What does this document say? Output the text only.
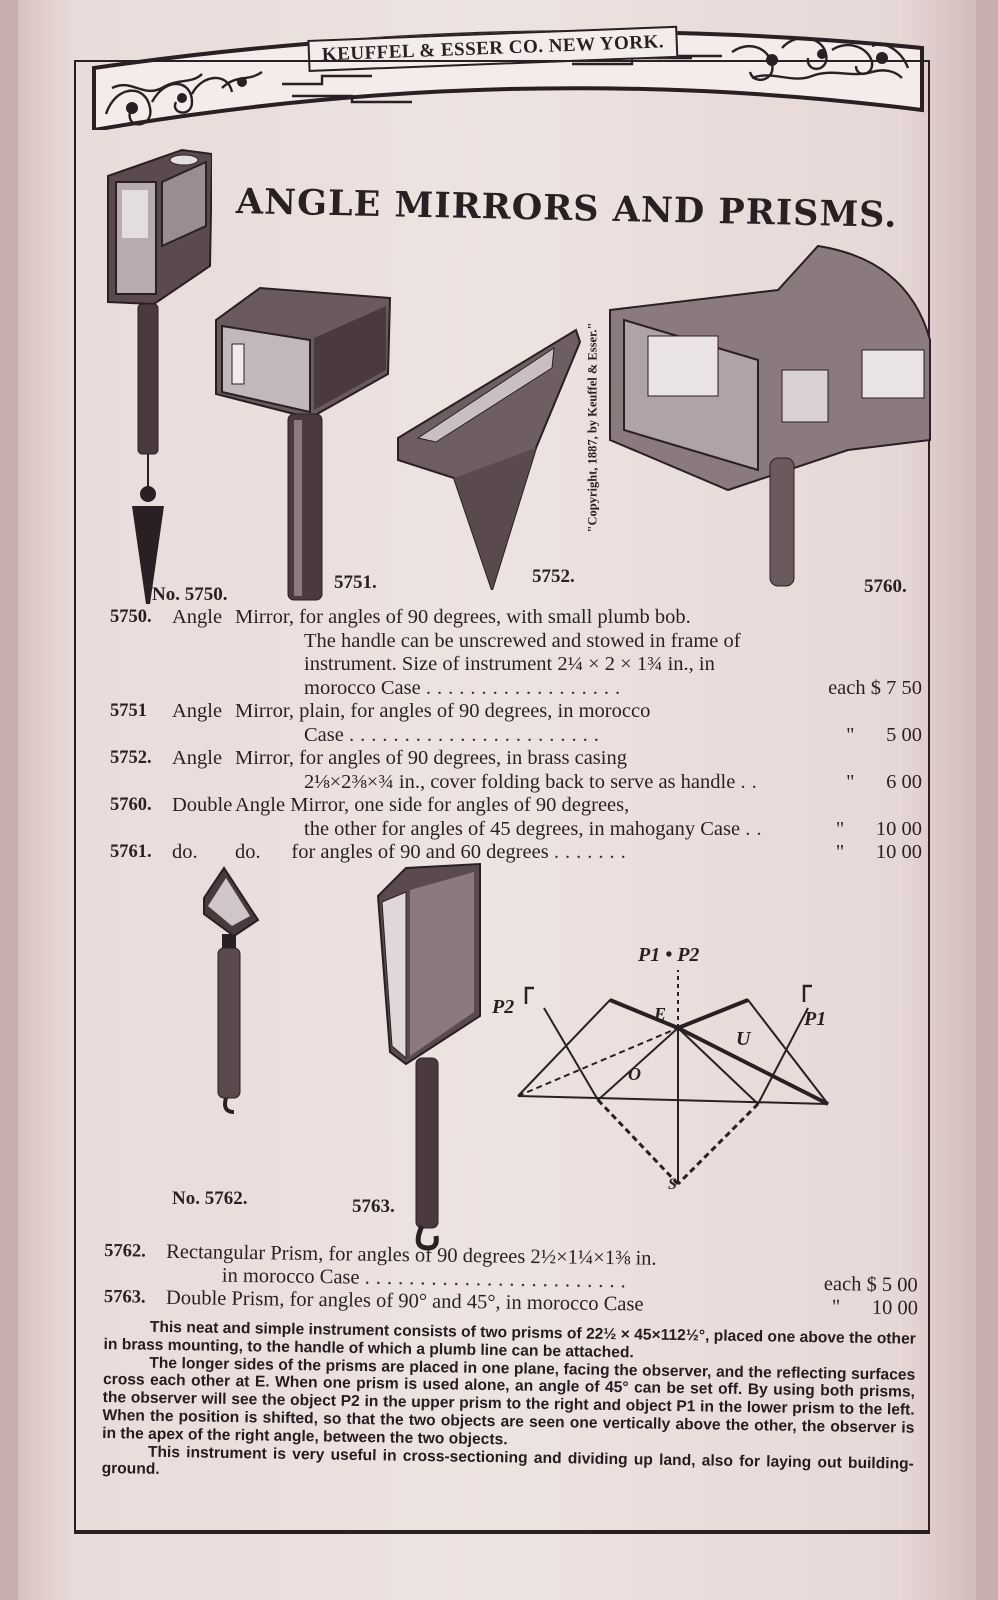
KEUFFEL & ESSER CO. NEW YORK.
ANGLE MIRRORS AND PRISMS.
No. 5750.
5751.	5752.
"Copyright, 1887, by Keuffel & Esser."
5760.
5750. Angle Mirror, for angles of 90 degrees, with small plumb bob.
The handle can be unscrewed and stowed in frame of
instrument. Size of instrument 2¼ × 2 × 1¾ in., in
morocco Case ..................	each $ 7 50
5751	Angle Mirror, plain, for angles of 90 degrees, in morocco
Case .......................	" 5 00
5752. Angle Mirror, for angles of 90 degrees, in brass casing
2⅛×2⅜×¾ in., cover folding back to serve as handle ..	" 6 00
5760. Double Angle Mirror, one side for angles of 90 degrees,
the other for angles of 45 degrees, in mahogany Case ..	" 10 00
5761. do. do.      for angles of 90 and 60 degrees .......	" 10 00
No. 5762.	5763.
P1 • P2
P2
P1
E
O
U
S
5762. Rectangular Prism, for angles of 90 degrees 2½×1¼×1⅜ in.
in morocco Case ........................	each $ 5 00
5763. Double Prism, for angles of 90° and 45°, in morocco Case	" 10 00

This neat and simple instrument consists of two prisms of 22½ × 45×112½°, placed one above the other in brass mounting, to the handle of which a plumb line can be attached.

The longer sides of the prisms are placed in one plane, facing the observer, and the reflecting surfaces cross each other at E. When one prism is used alone, an angle of 45° can be set off. By using both prisms, the observer will see the object P2 in the upper prism to the right and object P1 in the lower prism to the left. When the position is shifted, so that the two objects are seen one vertically above the other, the observer is in the apex of the right angle, between the two objects.

This instrument is very useful in cross-sectioning and dividing up land, also for laying out building-ground.
